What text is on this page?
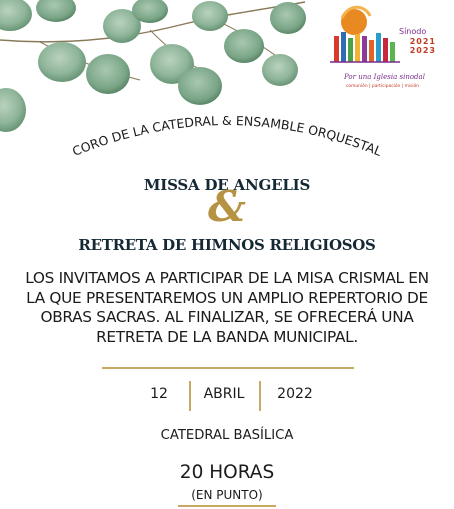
Sínodo
2021
2023
Por una Iglesia sinodal
comunión | participación | misión
CORO DE LA CATEDRAL & ENSAMBLE ORQUESTAL
MISSA DE ANGELIS
&
RETRETA DE HIMNOS RELIGIOSOS
LOS INVITAMOS A PARTICIPAR DE LA MISA CRISMAL EN LA QUE PRESENTAREMOS UN AMPLIO REPERTORIO DE OBRAS SACRAS. AL FINALIZAR, SE OFRECERÁ UNA RETRETA DE LA BANDA MUNICIPAL.
12	ABRIL	2022
CATEDRAL BASÍLICA
20 HORAS
(EN PUNTO)
